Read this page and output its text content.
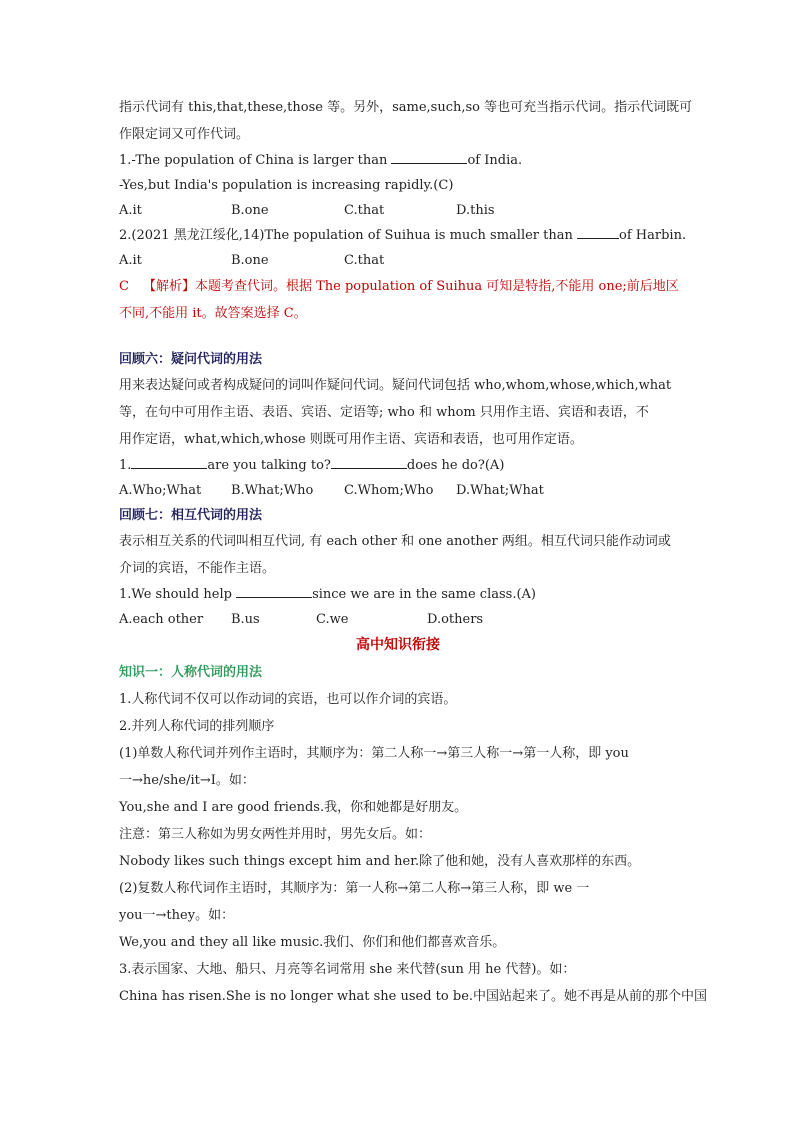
指示代词有 this,that,these,those 等。另外，same,such,so 等也可充当指示代词。指示代词既可
作限定词又可作代词。
1.-The population of China is larger than	of India.
-Yes,but India's population is increasing rapidly.(C)
A.it	B.one	C.that	D.this
2.(2021 黑龙江绥化,14)The population of Suihua is much smaller than	of Harbin.
A.it	B.one	C.that
C 【解析】本题考查代词。根据 The population of Suihua 可知是特指,不能用 one;前后地区
不同,不能用 it。故答案选择 C。
回顾六：疑问代词的用法
用来表达疑问或者构成疑问的词叫作疑问代词。疑问代词包括 who,whom,whose,which,what
等，在句中可用作主语、表语、宾语、定语等; who 和 whom 只用作主语、宾语和表语，不
用作定语，what,which,whose 则既可用作主语、宾语和表语，也可用作定语。
1.	are you talking to?	does he do?(A)
A.Who;What B.What;Who C.Whom;Who D.What;What
回顾七：相互代词的用法
表示相互关系的代词叫相互代词, 有 each other 和 one another 两组。相互代词只能作动词或
介词的宾语，不能作主语。
1.We should help	since we are in the same class.(A)
A.each other B.us	C.we	D.others
高中知识衔接
知识一：人称代词的用法
1.人称代词不仅可以作动词的宾语，也可以作介词的宾语。
2.并列人称代词的排列顺序
(1)单数人称代词并列作主语时，其顺序为：第二人称一→第三人称一→第一人称，即 you
一→he/she/it→I。如：
You,she and I are good friends.我，你和她都是好朋友。
注意：第三人称如为男女两性并用时，男先女后。如：
Nobody likes such things except him and her.除了他和她，没有人喜欢那样的东西。
(2)复数人称代词作主语时，其顺序为：第一人称→第二人称→第三人称，即 we 一
you一→they。如：
We,you and they all like music.我们、你们和他们都喜欢音乐。
3.表示国家、大地、船只、月亮等名词常用 she 来代替(sun 用 he 代替)。如：
China has risen.She is no longer what she used to be.中国站起来了。她不再是从前的那个中国
